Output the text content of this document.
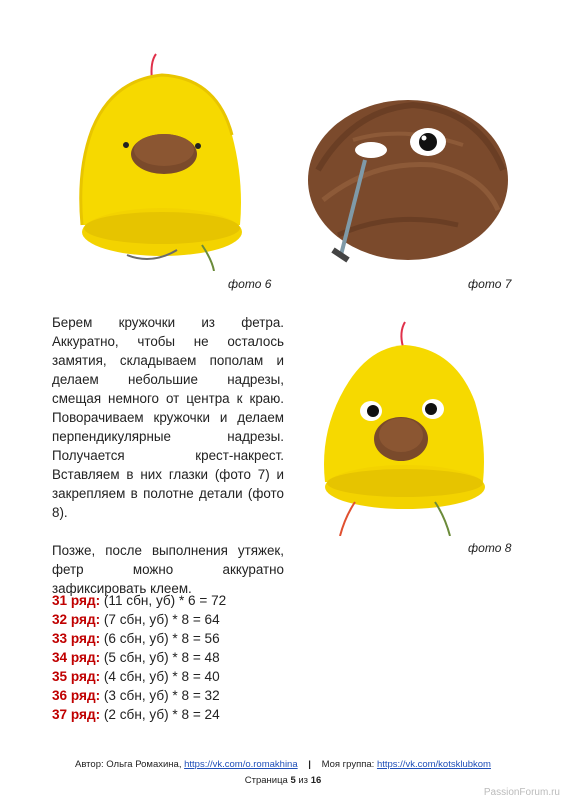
фото 6	фото 7
фото 8

Берем кружочки из фетра. Аккуратно, чтобы не осталось замятия, складываем пополам и делаем небольшие надрезы, смещая немного от центра к краю. Поворачиваем кружочки и делаем перпендикулярные надрезы. Получается крест-накрест. Вставляем в них глазки (фото 7) и закрепляем в полотне детали (фото 8).

Позже, после выполнения утяжек, фетр можно аккуратно зафиксировать клеем.

31 ряд: (11 сбн, уб) * 6 = 72
32 ряд: (7 сбн, уб) * 8 = 64
33 ряд: (6 сбн, уб) * 8 = 56
34 ряд: (5 сбн, уб) * 8 = 48
35 ряд: (4 сбн, уб) * 8 = 40
36 ряд: (3 сбн, уб) * 8 = 32
37 ряд: (2 сбн, уб) * 8 = 24
Автор: Ольга Ромахина, https://vk.com/o.romakhina | Моя группа: https://vk.com/kotsklubkom
Страница 5 из 16
PassionForum.ru
